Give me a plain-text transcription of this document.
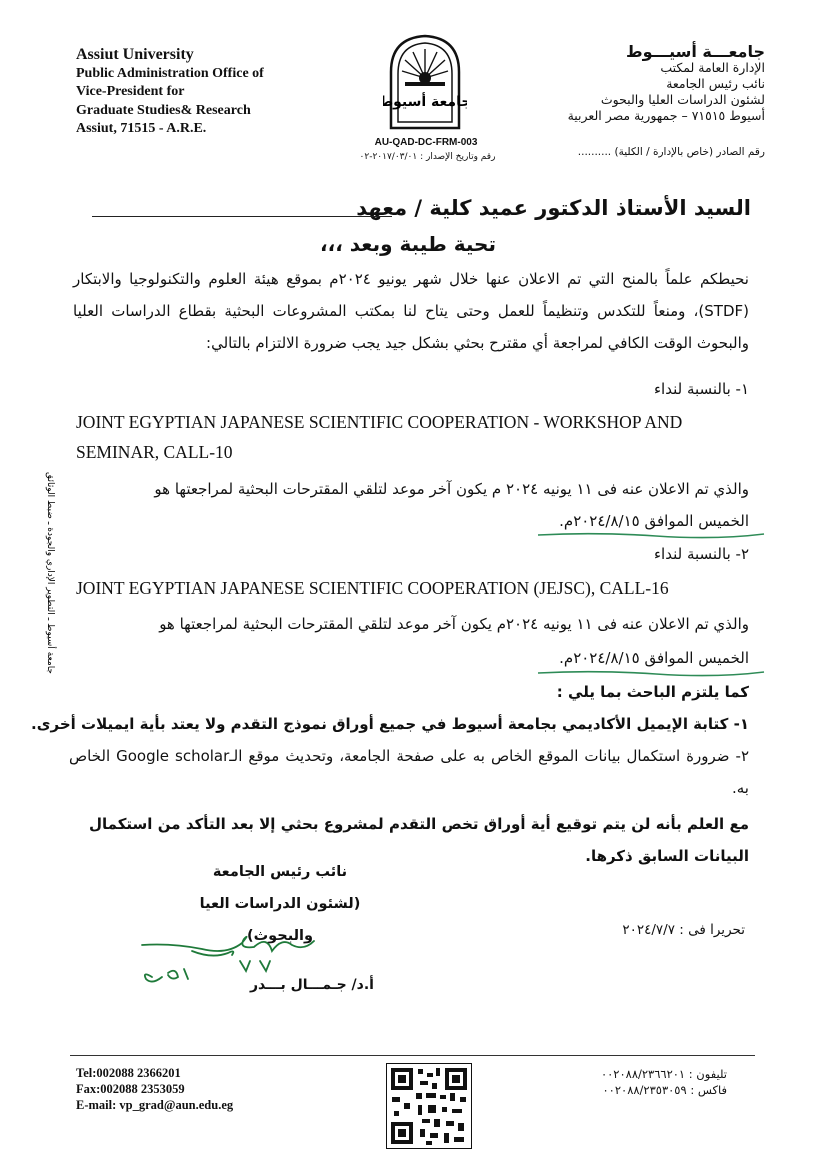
Assiut University
Public Administration Office of
Vice-President for
Graduate Studies& Research
Assiut, 71515 - A.R.E.
جامعة أسيوط
AU-QAD-DC-FRM-003
رقم وتاريخ الإصدار : ٢٠١٧/٠٣/٠١-٠٢
جامعـــة أسيـــوط
الإدارة العامة لمكتب
نائب رئيس الجامعة
لشئون الدراسات العليا والبحوث
أسيوط ٧١٥١٥ – جمهورية مصر العربية
رقم الصادر (خاص بالإدارة / الكلية) ..........
السيد الأستاذ الدكتور عميد كلية / معهد
تحية طيبة وبعد ،،،
نحيطكم علماً بالمنح التي تم الاعلان عنها خلال شهر يونيو ٢٠٢٤م بموقع هيئة العلوم والتكنولوجيا والابتكار (STDF)، ومنعاً للتكدس وتنظيماً للعمل وحتى يتاح لنا بمكتب المشروعات البحثية بقطاع الدراسات العليا والبحوث الوقت الكافي لمراجعة أي مقترح بحثي بشكل جيد يجب ضرورة الالتزام بالتالي:
١- بالنسبة لنداء
JOINT EGYPTIAN JAPANESE SCIENTIFIC COOPERATION - WORKSHOP AND SEMINAR, CALL-10
والذي تم الاعلان عنه فى ١١ يونيه ٢٠٢٤ م يكون آخر موعد لتلقي المقترحات البحثية لمراجعتها هو
الخميس الموافق ٢٠٢٤/٨/١٥م.
٢- بالنسبة لنداء
JOINT EGYPTIAN JAPANESE SCIENTIFIC COOPERATION (JEJSC), CALL-16
والذي تم الاعلان عنه فى ١١ يونيه ٢٠٢٤م يكون آخر موعد لتلقي المقترحات البحثية لمراجعتها هو
الخميس الموافق ٢٠٢٤/٨/١٥م.
كما يلتزم الباحث بما يلي :
١- كتابة الإيميل الأكاديمي بجامعة أسيوط في جميع أوراق نموذج التقدم ولا يعتد بأية ايميلات أخرى.
٢- ضرورة استكمال بيانات الموقع الخاص به على صفحة الجامعة، وتحديث موقع الـGoogle scholar الخاص به.
مع العلم بأنه لن يتم توقيع أية أوراق تخص التقدم لمشروع بحثي إلا بعد التأكد من استكمال البيانات السابق ذكرها.
جامعة أسيوط ـ التطوير الإداري والجودة ـ ضبط الوثائق
نائب رئيس الجامعة
(لشئون الدراسات العيا والبحوث)
أ.د/ جـمـــال بـــدر
تحريرا فى : ٢٠٢٤/٧/٧
Tel:002088 2366201
Fax:002088 2353059
E-mail: vp_grad@aun.edu.eg
تليفون : ٠٠٢٠٨٨/٢٣٦٦٢٠١
فاكس : ٠٠٢٠٨٨/٢٣٥٣٠٥٩
